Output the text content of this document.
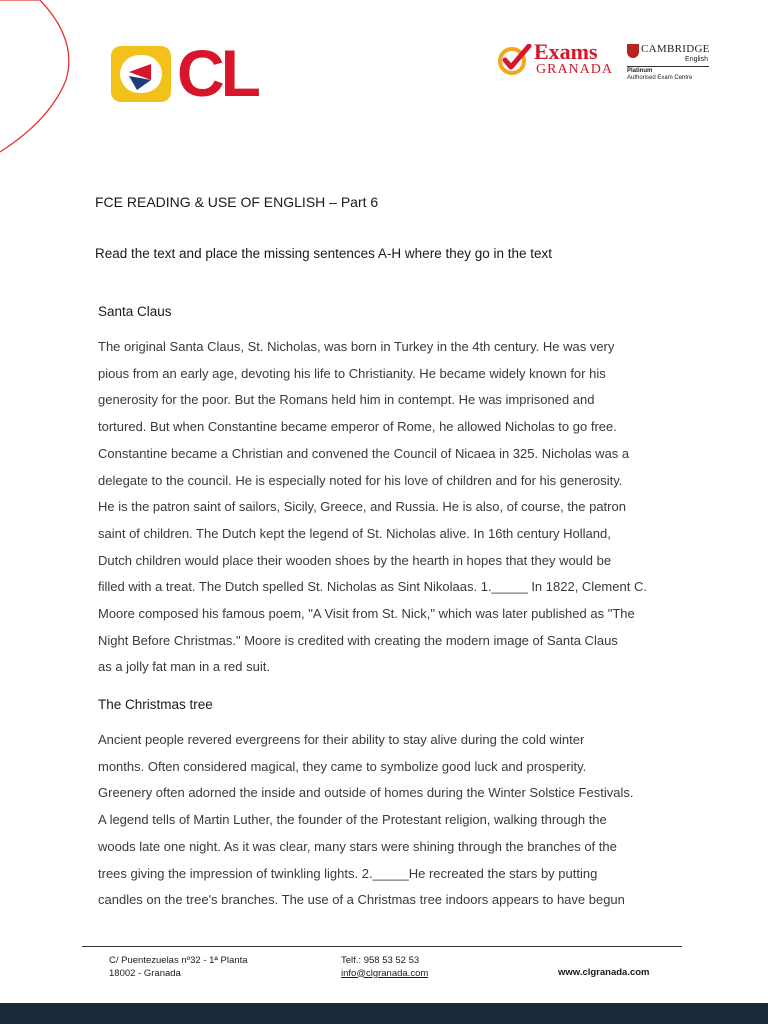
CL	Exams
GRANADA
CAMBRIDGE
English
Platinum
Authorised Exam Centre
FCE READING & USE OF ENGLISH – Part 6
Read the text and place the missing sentences A-H where they go in the text
Santa Claus

The original Santa Claus, St. Nicholas, was born in Turkey in the 4th century. He was very
pious from an early age, devoting his life to Christianity. He became widely known for his
generosity for the poor. But the Romans held him in contempt. He was imprisoned and
tortured. But when Constantine became emperor of Rome, he allowed Nicholas to go free.
Constantine became a Christian and convened the Council of Nicaea in 325. Nicholas was a
delegate to the council. He is especially noted for his love of children and for his generosity.
He is the patron saint of sailors, Sicily, Greece, and Russia. He is also, of course, the patron
saint of children. The Dutch kept the legend of St. Nicholas alive. In 16th century Holland,
Dutch children would place their wooden shoes by the hearth in hopes that they would be
filled with a treat. The Dutch spelled St. Nicholas as Sint Nikolaas. 1._____ In 1822, Clement C.
Moore composed his famous poem, "A Visit from St. Nick," which was later published as "The
Night Before Christmas." Moore is credited with creating the modern image of Santa Claus
as a jolly fat man in a red suit.

The Christmas tree

Ancient people revered evergreens for their ability to stay alive during the cold winter
months. Often considered magical, they came to symbolize good luck and prosperity.
Greenery often adorned the inside and outside of homes during the Winter Solstice Festivals.
A legend tells of Martin Luther, the founder of the Protestant religion, walking through the
woods late one night. As it was clear, many stars were shining through the branches of the
trees giving the impression of twinkling lights. 2._____He recreated the stars by putting
candles on the tree's branches. The use of a Christmas tree indoors appears to have begun

C/ Puentezuelas nº32 - 1ª Planta
18002 - Granada
Telf.: 958 53 52 53
info@clgranada.com	www.clgranada.com
